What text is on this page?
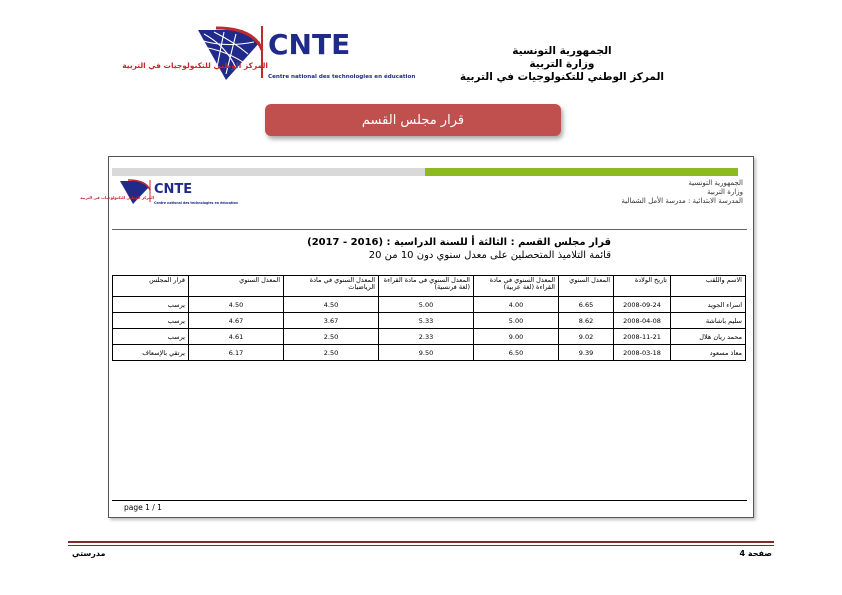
CNTE
المركز الوطني للتكنولوجيات في التربية
Centre national des technologies en éducation
الجمهورية التونسية
وزارة التربية
المركز الوطني للتكنولوجيات في التربية
قرار مجلس القسم
CNTE
المركز الوطني للتكنولوجيات في التربية
Centre national des technologies en éducation
الجمهورية التونسية
وزارة التربية
المدرسة الابتدائية : مدرسة الأمل الشمالية
قرار مجلس القسم : الثالثة أ للسنة الدراسية : (2016 - 2017)
قائمة التلاميذ المتحصلين على معدل سنوي دون 10 من 20
الاسم واللقب	تاريخ الولادة	المعدل السنوي	المعدل السنوي في مادة القراءة (لغة عربية)	المعدل السنوي في مادة القراءة (لغة فرنسية)	المعدل السنوي في مادة الرياضيات	المعدل السنوي	قرار المجلس
اسراء الجويد	2008-09-24	6.65	4.00	5.00	4.50	4.50	يرسب
سليم باشاشة	2008-04-08	8.62	5.00	5.33	3.67	4.67	يرسب
محمد ريان هلال	2008-11-21	9.02	9.00	2.33	2.50	4.61	يرسب
معاذ مسعود	2008-03-18	9.39	6.50	9.50	2.50	6.17	يرتقي بالإسعاف
page 1 / 1
مدرستي	صفحة 4
